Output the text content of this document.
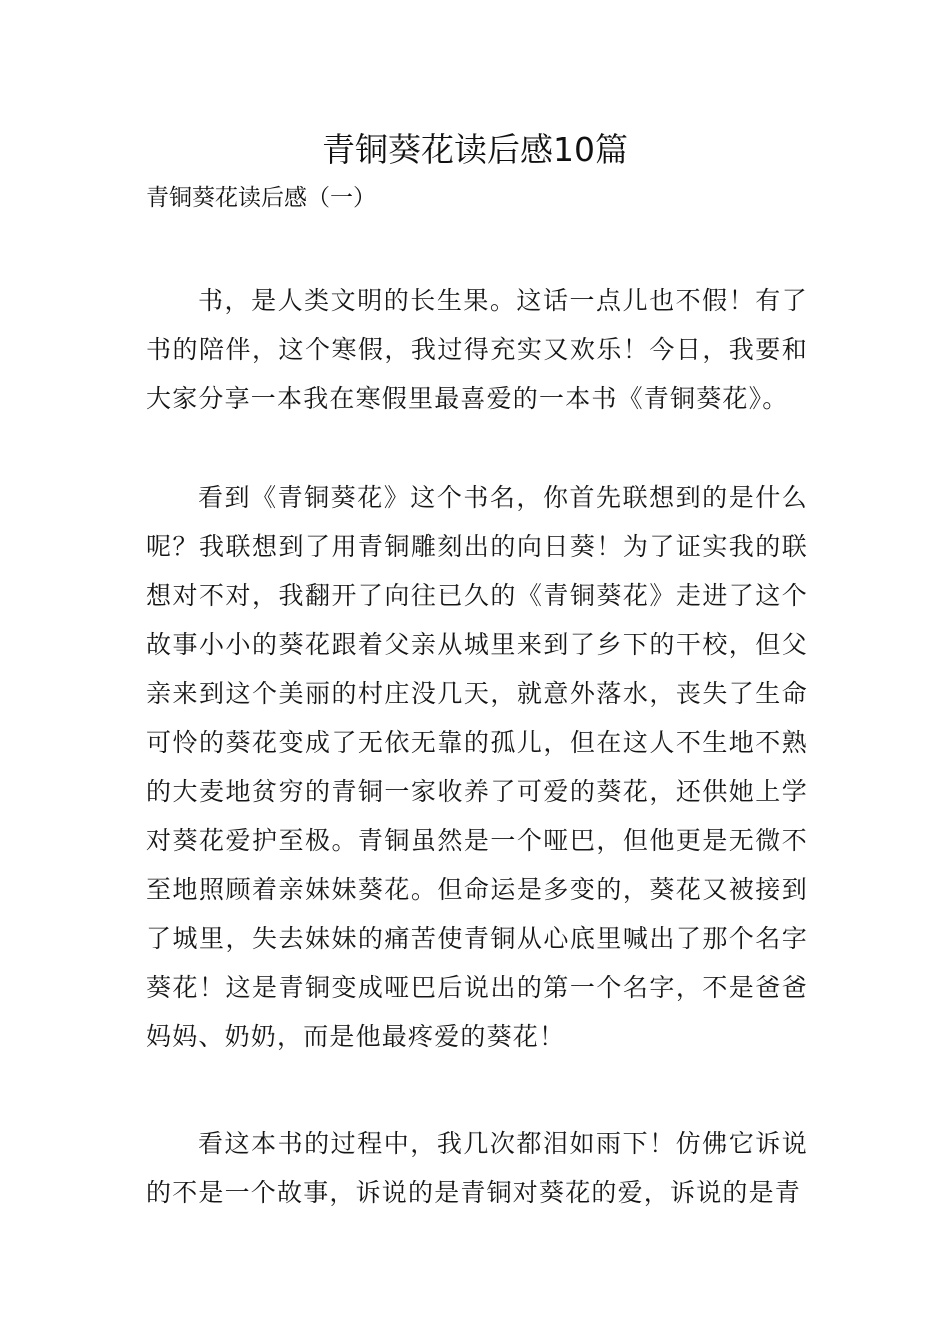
青铜葵花读后感10篇
青铜葵花读后感（一）

书，是人类文明的长生果。这话一点儿也不假！有了书的陪伴，这个寒假，我过得充实又欢乐！今日，我要和大家分享一本我在寒假里最喜爱的一本书《青铜葵花》。

看到《青铜葵花》这个书名，你首先联想到的是什么呢？我联想到了用青铜雕刻出的向日葵！为了证实我的联想对不对，我翻开了向往已久的《青铜葵花》走进了这个故事小小的葵花跟着父亲从城里来到了乡下的干校，但父亲来到这个美丽的村庄没几天，就意外落水，丧失了生命可怜的葵花变成了无依无靠的孤儿，但在这人不生地不熟的大麦地贫穷的青铜一家收养了可爱的葵花，还供她上学对葵花爱护至极。青铜虽然是一个哑巴，但他更是无微不至地照顾着亲妹妹葵花。但命运是多变的，葵花又被接到了城里，失去妹妹的痛苦使青铜从心底里喊出了那个名字葵花！这是青铜变成哑巴后说出的第一个名字，不是爸爸妈妈、奶奶，而是他最疼爱的葵花！

看这本书的过程中，我几次都泪如雨下！仿佛它诉说的不是一个故事，诉说的是青铜对葵花的爱，诉说的是青
